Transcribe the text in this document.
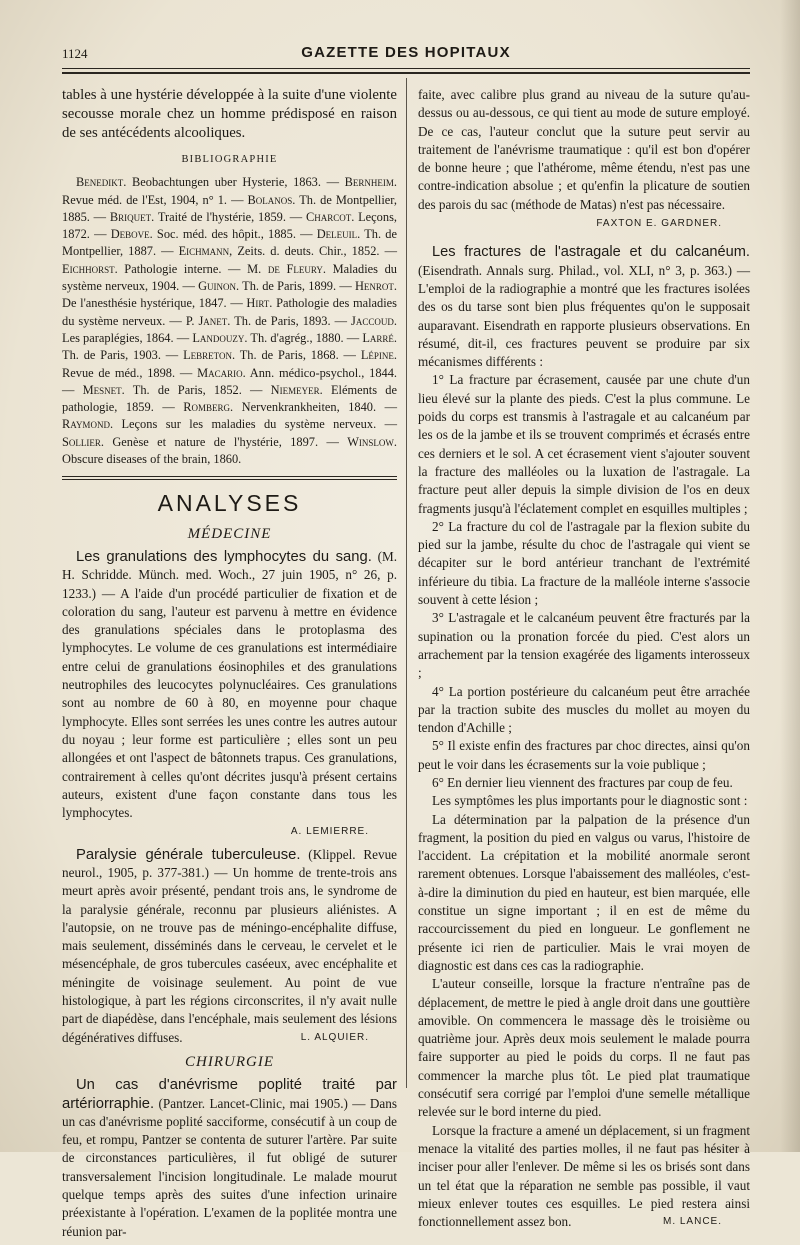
1124	GAZETTE DES HOPITAUX

tables à une hystérie développée à la suite d'une violente secousse morale chez un homme prédisposé en raison de ses antécédents alcooliques.

BIBLIOGRAPHIE

Benedikt. Beobachtungen uber Hysterie, 1863. — Bernheim. Revue méd. de l'Est, 1904, n° 1. — Bolanos. Th. de Montpellier, 1885. — Briquet. Traité de l'hystérie, 1859. — Charcot. Leçons, 1872. — Debove. Soc. méd. des hôpit., 1885. — Deleuil. Th. de Montpellier, 1887. — Eichmann, Zeits. d. deuts. Chir., 1852. — Eichhorst. Pathologie interne. — M. de Fleury. Maladies du système nerveux, 1904. — Guinon. Th. de Paris, 1899. — Henrot. De l'anesthésie hystérique, 1847. — Hirt. Pathologie des maladies du système nerveux. — P. Janet. Th. de Paris, 1893. — Jaccoud. Les paraplégies, 1864. — Landouzy. Th. d'agrég., 1880. — Larré. Th. de Paris, 1903. — Lebreton. Th. de Paris, 1868. — Lépine. Revue de méd., 1898. — Macario. Ann. médico-psychol., 1844. — Mesnet. Th. de Paris, 1852. — Niemeyer. Eléments de pathologie, 1859. — Romberg. Nervenkrankheiten, 1840. — Raymond. Leçons sur les maladies du système nerveux. — Sollier. Genèse et nature de l'hystérie, 1897. — Winslow. Obscure diseases of the brain, 1860.

ANALYSES
MÉDECINE

Les granulations des lymphocytes du sang. (M. H. Schridde. Münch. med. Woch., 27 juin 1905, n° 26, p. 1233.) — A l'aide d'un procédé particulier de fixation et de coloration du sang, l'auteur est parvenu à mettre en évidence des granulations spéciales dans le protoplasma des lymphocytes. Le volume de ces granulations est intermédiaire entre celui de granulations éosinophiles et des granulations neutrophiles des leucocytes polynucléaires. Ces granulations sont au nombre de 60 à 80, en moyenne pour chaque lymphocyte. Elles sont serrées les unes contre les autres autour du noyau ; leur forme est particulière ; elles sont un peu allongées et ont l'aspect de bâtonnets trapus. Ces granulations, contrairement à celles qu'ont décrites jusqu'à présent certains auteurs, existent d'une façon constante dans tous les lymphocytes.

A. LEMIERRE.

Paralysie générale tuberculeuse. (Klippel. Revue neurol., 1905, p. 377-381.) — Un homme de trente-trois ans meurt après avoir présenté, pendant trois ans, le syndrome de la paralysie générale, reconnu par plusieurs aliénistes. A l'autopsie, on ne trouve pas de méningo-encéphalite diffuse, mais seulement, disséminés dans le cerveau, le cervelet et le mésencéphale, de gros tubercules caséeux, avec encéphalite et méningite de voisinage seulement. Au point de vue histologique, à part les régions circonscrites, il n'y avait nulle part de diapédèse, dans l'encéphale, mais seulement des lésions dégénératives diffuses.	L. ALQUIER.

CHIRURGIE

Un cas d'anévrisme poplité traité par artériorraphie. (Pantzer. Lancet-Clinic, mai 1905.) — Dans un cas d'anévrisme poplité sacciforme, consécutif à un coup de feu, et rompu, Pantzer se contenta de suturer l'artère. Par suite de circonstances particulières, il fut obligé de suturer transversalement l'incision longitudinale. Le malade mourut quelque temps après des suites d'une infection urinaire préexistante à l'opération. L'examen de la poplitée montra une réunion par-

faite, avec calibre plus grand au niveau de la suture qu'au-dessus ou au-dessous, ce qui tient au mode de suture employé. De ce cas, l'auteur conclut que la suture peut servir au traitement de l'anévrisme traumatique : qu'il est bon d'opérer de bonne heure ; que l'athérome, même étendu, n'est pas une contre-indication absolue ; et qu'enfin la plicature de soutien des parois du sac (méthode de Matas) n'est pas nécessaire.

FAXTON E. GARDNER.

Les fractures de l'astragale et du calcanéum. (Eisendrath. Annals surg. Philad., vol. XLI, n° 3, p. 363.) — L'emploi de la radiographie a montré que les fractures isolées des os du tarse sont bien plus fréquentes qu'on le supposait auparavant. Eisendrath en rapporte plusieurs observations. En résumé, dit-il, ces fractures peuvent se produire par six mécanismes différents :

1° La fracture par écrasement, causée par une chute d'un lieu élevé sur la plante des pieds. C'est la plus commune. Le poids du corps est transmis à l'astragale et au calcanéum par les os de la jambe et ils se trouvent comprimés et écrasés entre ces derniers et le sol. A cet écrasement vient s'ajouter souvent la fracture des malléoles ou la luxation de l'astragale. La fracture peut aller depuis la simple division de l'os en deux fragments jusqu'à l'éclatement complet en esquilles multiples ;

2° La fracture du col de l'astragale par la flexion subite du pied sur la jambe, résulte du choc de l'astragale qui vient se décapiter sur le bord antérieur tranchant de l'extrémité inférieure du tibia. La fracture de la malléole interne s'associe souvent à cette lésion ;

3° L'astragale et le calcanéum peuvent être fracturés par la supination ou la pronation forcée du pied. C'est alors un arrachement par la tension exagérée des ligaments interosseux ;

4° La portion postérieure du calcanéum peut être arrachée par la traction subite des muscles du mollet au moyen du tendon d'Achille ;

5° Il existe enfin des fractures par choc directes, ainsi qu'on peut le voir dans les écrasements sur la voie publique ;

6° En dernier lieu viennent des fractures par coup de feu.

Les symptômes les plus importants pour le diagnostic sont :

La détermination par la palpation de la présence d'un fragment, la position du pied en valgus ou varus, l'histoire de l'accident. La crépitation et la mobilité anormale seront rarement obtenues. Lorsque l'abaissement des malléoles, c'est-à-dire la diminution du pied en hauteur, est bien marquée, elle constitue un signe important ; il en est de même du raccourcissement du pied en longueur. Le gonflement ne présente ici rien de particulier. Mais le vrai moyen de diagnostic est dans ces cas la radiographie.

L'auteur conseille, lorsque la fracture n'entraîne pas de déplacement, de mettre le pied à angle droit dans une gouttière amovible. On commencera le massage dès le troisième ou quatrième jour. Après deux mois seulement le malade pourra faire supporter au pied le poids du corps. Il ne faut pas commencer la marche plus tôt. Le pied plat traumatique consécutif sera corrigé par l'emploi d'une semelle métallique relevée sur le bord interne du pied.

Lorsque la fracture a amené un déplacement, si un fragment menace la vitalité des parties molles, il ne faut pas hésiter à inciser pour aller l'enlever. De même si les os brisés sont dans un tel état que la réparation ne semble pas possible, il vaut mieux enlever toutes ces esquilles. Le pied restera ainsi fonctionnellement assez bon.	M. LANCE.
